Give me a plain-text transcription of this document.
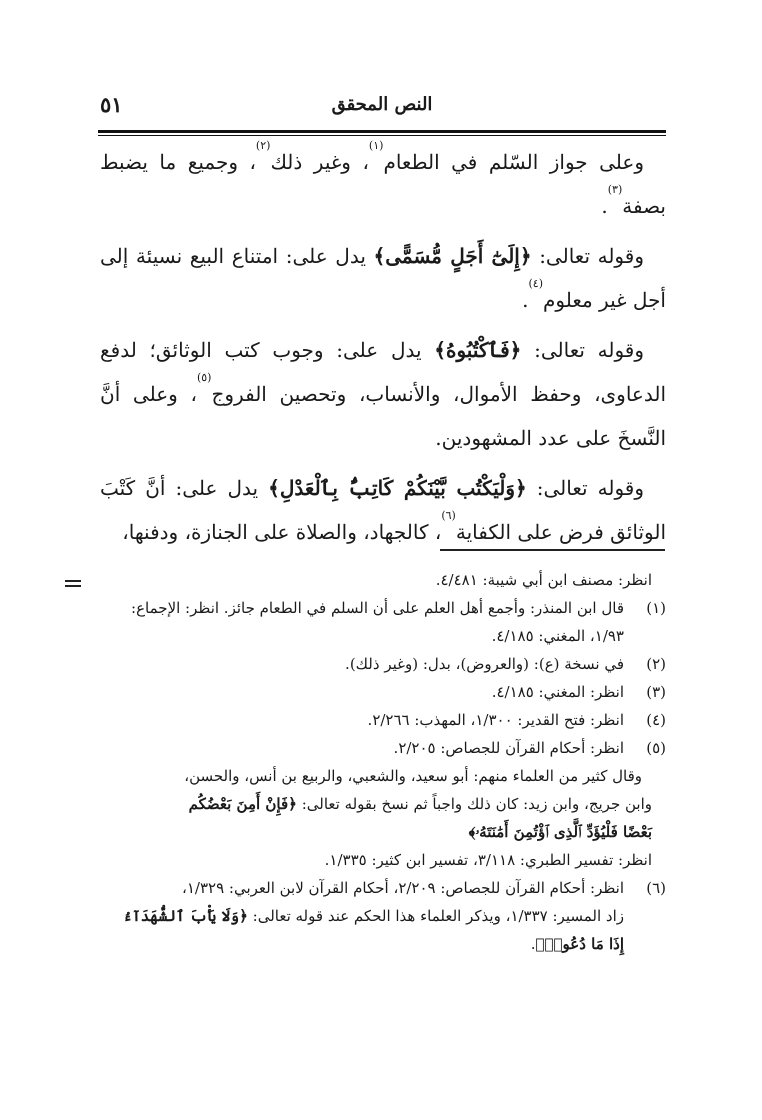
٥١	النص المحقق

وعلى جواز السّلم في الطعام$^{(١)}$، وغير ذلك$^{(٢)}$، وجميع ما يضبط بصفة$^{(٣)}$.

وقوله تعالى: ﴿إِلَىٰٓ أَجَلٍ مُّسَمًّى﴾ يدل على: امتناع البيع نسيئة إلى أجل غير معلوم$^{(٤)}$.

وقوله تعالى: ﴿فَٱكْتُبُوهُ﴾ يدل على: وجوب كتب الوثائق؛ لدفع الدعاوى، وحفظ الأموال، والأنساب، وتحصين الفروج$^{(٥)}$، وعلى أنَّ النَّسخَ على عدد المشهودين.

وقوله تعالى: ﴿وَلْيَكْتُب بَّيْنَكُمْ كَاتِبٌۢ بِٱلْعَدْلِ﴾ يدل على: أنَّ كَتْبَ الوثائق فرض على الكفاية$^{(٦)}$، كالجهاد، والصلاة على الجنازة، ودفنها،

انظر: مصنف ابن أبي شيبة: ٤/٤٨١.

(١)قال ابن المنذر: وأجمع أهل العلم على أن السلم في الطعام جائز. انظر: الإجماع:

١/٩٣، المغني: ٤/١٨٥.

(٢)في نسخة (ع): (والعروض)، بدل: (وغير ذلك).

(٣)انظر: المغني: ٤/١٨٥.

(٤)انظر: فتح القدير: ١/٣٠٠، المهذب: ٢/٢٦٦.

(٥)انظر: أحكام القرآن للجصاص: ٢/٢٠٥.

وقال كثير من العلماء منهم: أبو سعيد، والشعبي، والربيع بن أنس، والحسن،

وابن جريج، وابن زيد: كان ذلك واجباً ثم نسخ بقوله تعالى: ﴿فَإِنْ أَمِنَ بَعْضُكُم

بَعْضًا فَلْيُؤَدِّ ٱلَّذِى ٱؤْتُمِنَ أَمَٰنَتَهُۥ﴾

انظر: تفسير الطبري: ٣/١١٨، تفسير ابن كثير: ١/٣٣٥.

(٦)انظر: أحكام القرآن للجصاص: ٢/٢٠٩، أحكام القرآن لابن العربي: ١/٣٢٩،

زاد المسير: ١/٣٣٧، ويذكر العلماء هذا الحكم عند قوله تعالى: ﴿وَلَا يَأْبَ ٱلشُّهَدَآءُ

إِذَا مَا دُعُوا۟﴾.
